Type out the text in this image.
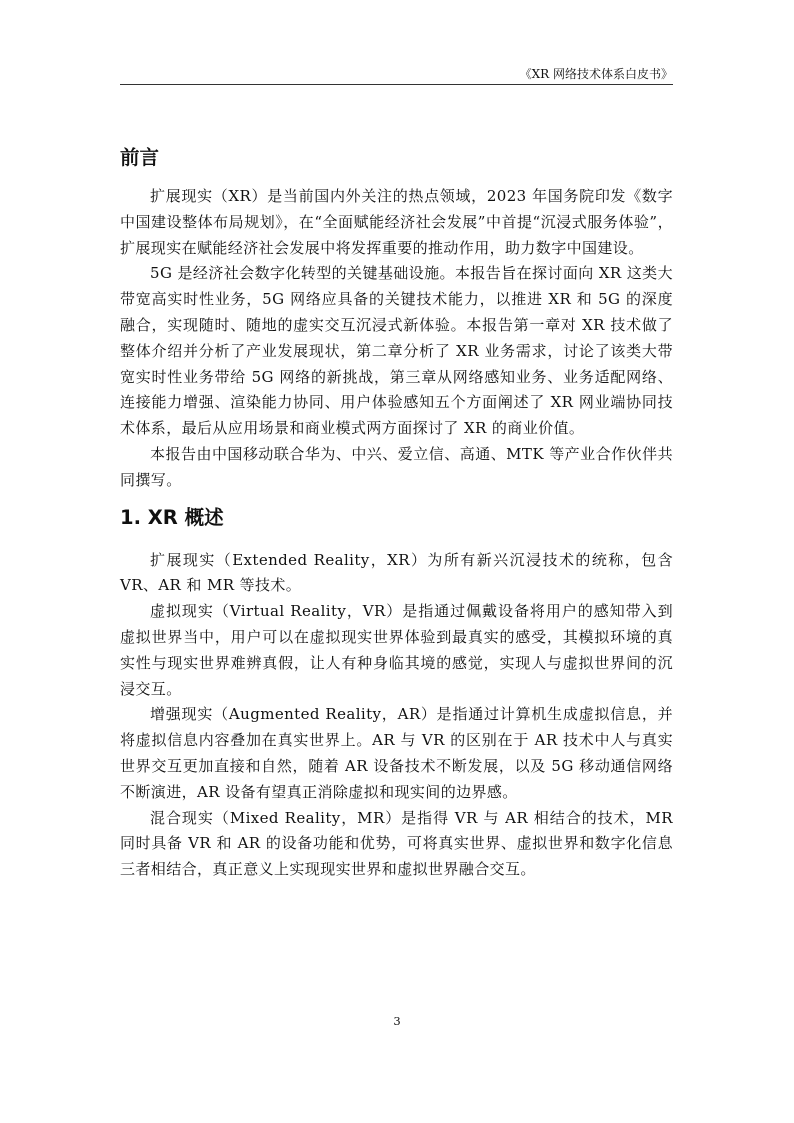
《XR 网络技术体系白皮书》
前言

扩展现实（XR）是当前国内外关注的热点领域，2023 年国务院印发《数字中国建设整体布局规划》，在“全面赋能经济社会发展”中首提“沉浸式服务体验”，扩展现实在赋能经济社会发展中将发挥重要的推动作用，助力数字中国建设。

5G 是经济社会数字化转型的关键基础设施。本报告旨在探讨面向 XR 这类大带宽高实时性业务，5G 网络应具备的关键技术能力，以推进 XR 和 5G 的深度融合，实现随时、随地的虚实交互沉浸式新体验。本报告第一章对 XR 技术做了整体介绍并分析了产业发展现状，第二章分析了 XR 业务需求，讨论了该类大带宽实时性业务带给 5G 网络的新挑战，第三章从网络感知业务、业务适配网络、连接能力增强、渲染能力协同、用户体验感知五个方面阐述了 XR 网业端协同技术体系，最后从应用场景和商业模式两方面探讨了 XR 的商业价值。

本报告由中国移动联合华为、中兴、爱立信、高通、MTK 等产业合作伙伴共同撰写。

1. XR 概述

扩展现实（Extended Reality，XR）为所有新兴沉浸技术的统称，包含 VR、AR 和 MR 等技术。

虚拟现实（Virtual Reality，VR）是指通过佩戴设备将用户的感知带入到虚拟世界当中，用户可以在虚拟现实世界体验到最真实的感受，其模拟环境的真实性与现实世界难辨真假，让人有种身临其境的感觉，实现人与虚拟世界间的沉浸交互。

增强现实（Augmented Reality，AR）是指通过计算机生成虚拟信息，并将虚拟信息内容叠加在真实世界上。AR 与 VR 的区别在于 AR 技术中人与真实世界交互更加直接和自然，随着 AR 设备技术不断发展，以及 5G 移动通信网络不断演进，AR 设备有望真正消除虚拟和现实间的边界感。

混合现实（Mixed Reality，MR）是指得 VR 与 AR 相结合的技术，MR 同时具备 VR 和 AR 的设备功能和优势，可将真实世界、虚拟世界和数字化信息三者相结合，真正意义上实现现实世界和虚拟世界融合交互。

3
